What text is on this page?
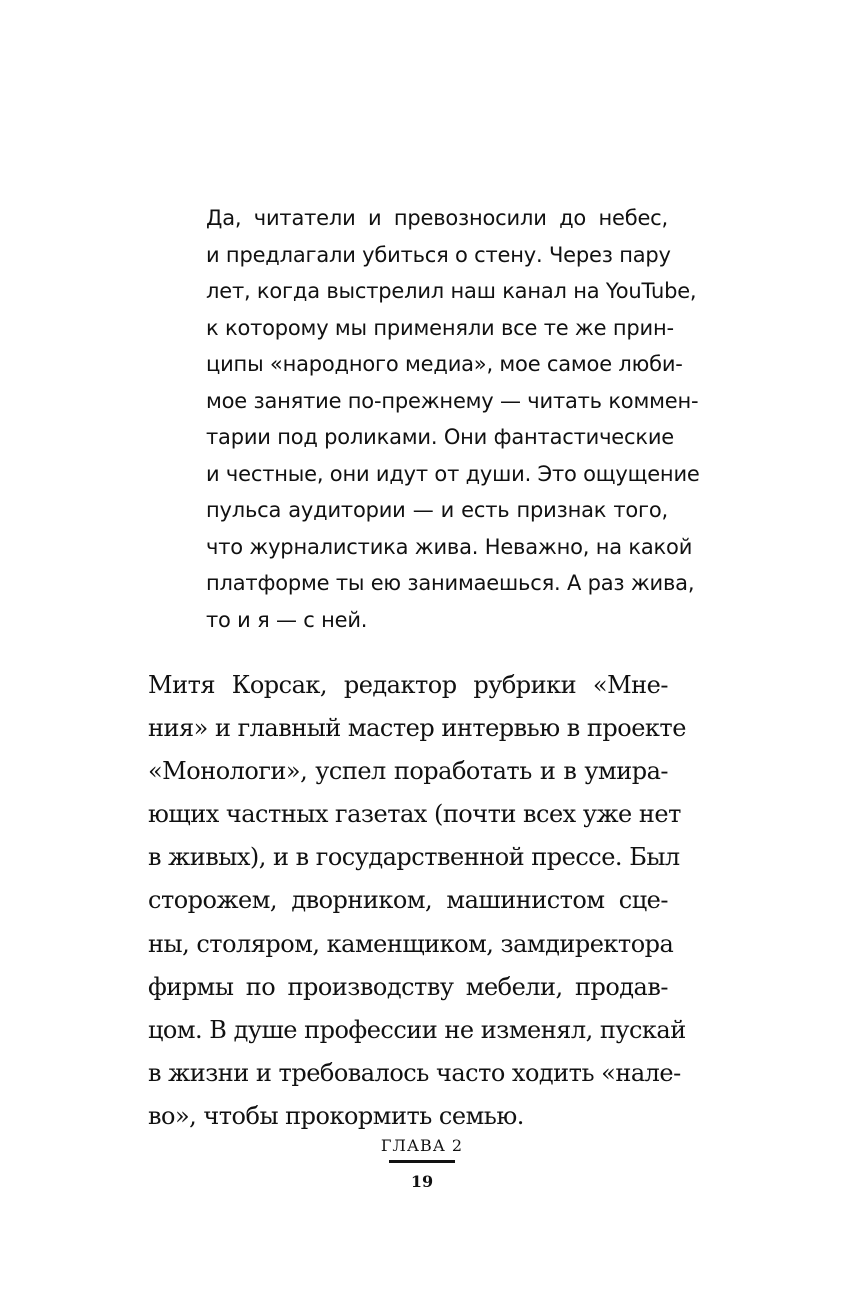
Да, читатели и превозносили до небес,
и предлагали убиться о стену. Через пару
лет, когда выстрелил наш канал на YouTube,
к которому мы применяли все те же прин-
ципы «народного медиа», мое самое люби-
мое занятие по-прежнему — читать коммен-
тарии под роликами. Они фантастические
и честные, они идут от души. Это ощущение
пульса аудитории — и есть признак того,
что журналистика жива. Неважно, на какой
платформе ты ею занимаешься. А раз жива,
то и я — с ней.
Митя Корсак, редактор рубрики «Мне-
ния» и главный мастер интервью в проекте
«Монологи», успел поработать и в умира-
ющих частных газетах (почти всех уже нет
в живых), и в государственной прессе. Был
сторожем, дворником, машинистом сце-
ны, столяром, каменщиком, замдиректора
фирмы по производству мебели, продав-
цом. В душе профессии не изменял, пускай
в жизни и требовалось часто ходить «нале-
во», чтобы прокормить семью.
ГЛАВА 2
19
